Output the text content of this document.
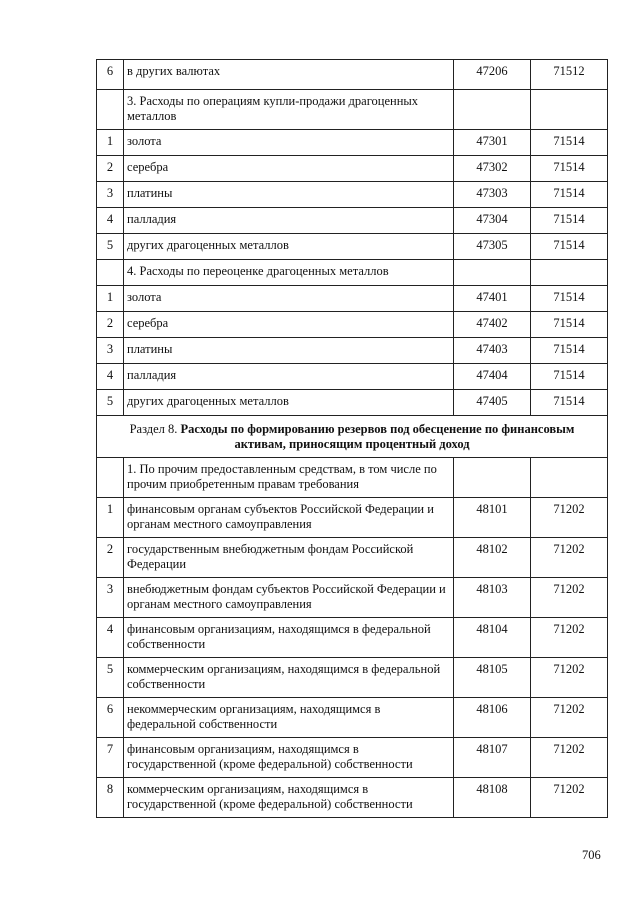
6	в других валютах	47206	71512
	3. Расходы по операциям купли-продажи драгоценных металлов		
1	золота	47301	71514
2	серебра	47302	71514
3	платины	47303	71514
4	палладия	47304	71514
5	других драгоценных металлов	47305	71514
	4. Расходы по переоценке драгоценных металлов		
1	золота	47401	71514
2	серебра	47402	71514
3	платины	47403	71514
4	палладия	47404	71514
5	других драгоценных металлов	47405	71514
Раздел 8. Расходы по формированию резервов под обесценение по финансовым активам, приносящим процентный доход			
	1. По прочим предоставленным средствам, в том числе по прочим приобретенным правам требования		
1	финансовым органам субъектов Российской Федерации и органам местного самоуправления	48101	71202
2	государственным внебюджетным фондам Российской Федерации	48102	71202
3	внебюджетным фондам субъектов Российской Федерации и органам местного самоуправления	48103	71202
4	финансовым организациям, находящимся в федеральной собственности	48104	71202
5	коммерческим организациям, находящимся в федеральной собственности	48105	71202
6	некоммерческим организациям, находящимся в федеральной собственности	48106	71202
7	финансовым организациям, находящимся в государственной (кроме федеральной) собственности	48107	71202
8	коммерческим организациям, находящимся в государственной (кроме федеральной) собственности	48108	71202
706
